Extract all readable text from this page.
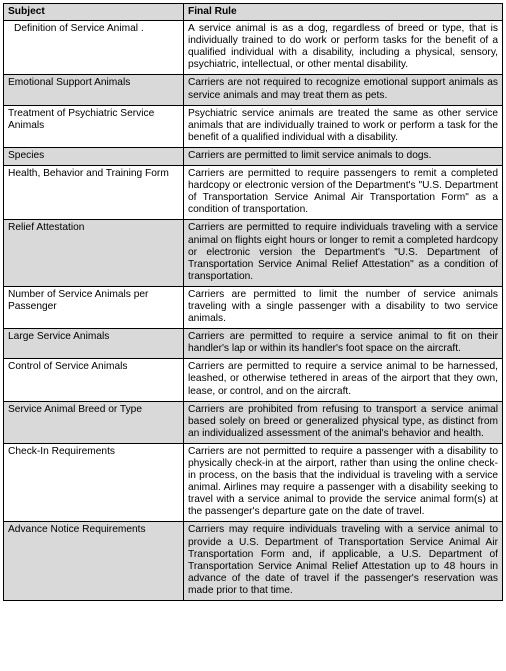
Subject	Final Rule
Definition of Service Animal .	A service animal is as a dog, regardless of breed or type, that is individually trained to do work or perform tasks for the benefit of a qualified individual with a disability, including a physical, sensory, psychiatric, intellectual, or other mental disability.
Emotional Support Animals	Carriers are not required to recognize emotional support animals as service animals and may treat them as pets.
Treatment of Psychiatric Service Animals	Psychiatric service animals are treated the same as other service animals that are individually trained to work or perform a task for the benefit of a qualified individual with a disability.
Species	Carriers are permitted to limit service animals to dogs.
Health, Behavior and Training Form	Carriers are permitted to require passengers to remit a completed hardcopy or electronic version of the Department's "U.S. Department of Transportation Service Animal Air Transportation Form" as a condition of transportation.
Relief Attestation	Carriers are permitted to require individuals traveling with a service animal on flights eight hours or longer to remit a completed hardcopy or electronic version the Department's "U.S. Department of Transportation Service Animal Relief Attestation" as a condition of transportation.
Number of Service Animals per Passenger	Carriers are permitted to limit the number of service animals traveling with a single passenger with a disability to two service animals.
Large Service Animals	Carriers are permitted to require a service animal to fit on their handler's lap or within its handler's foot space on the aircraft.
Control of Service Animals	Carriers are permitted to require a service animal to be harnessed, leashed, or otherwise tethered in areas of the airport that they own, lease, or control, and on the aircraft.
Service Animal Breed or Type	Carriers are prohibited from refusing to transport a service animal based solely on breed or generalized physical type, as distinct from an individualized assessment of the animal's behavior and health.
Check-In Requirements	Carriers are not permitted to require a passenger with a disability to physically check-in at the airport, rather than using the online check-in process, on the basis that the individual is traveling with a service animal. Airlines may require a passenger with a disability seeking to travel with a service animal to provide the service animal form(s) at the passenger's departure gate on the date of travel.
Advance Notice Requirements	Carriers may require individuals traveling with a service animal to provide a U.S. Department of Transportation Service Animal Air Transportation Form and, if applicable, a U.S. Department of Transportation Service Animal Relief Attestation up to 48 hours in advance of the date of travel if the passenger's reservation was made prior to that time.
